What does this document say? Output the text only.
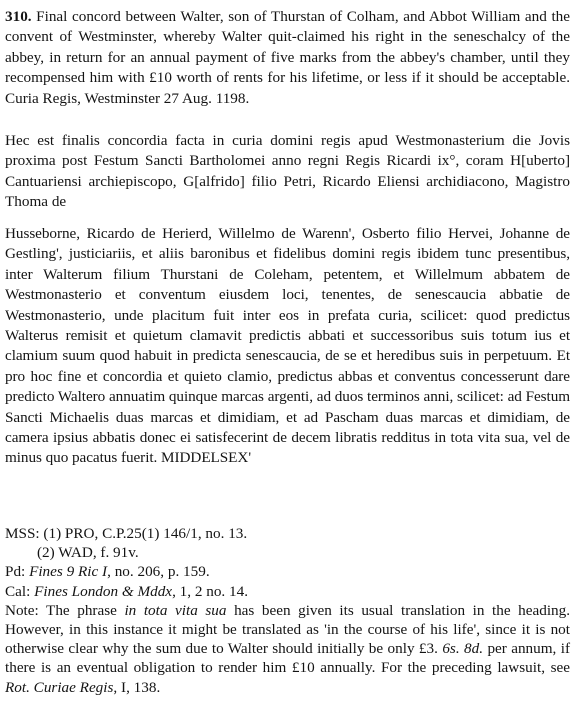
310. Final concord between Walter, son of Thurstan of Colham, and Abbot William and the convent of Westminster, whereby Walter quit-claimed his right in the seneschalcy of the abbey, in return for an annual payment of five marks from the abbey's chamber, until they recompensed him with £10 worth of rents for his lifetime, or less if it should be acceptable. Curia Regis, Westminster 27 Aug. 1198.

Hec est finalis concordia facta in curia domini regis apud Westmonasterium die Jovis proxima post Festum Sancti Bartholomei anno regni Regis Ricardi ix°, coram H[uberto] Cantuariensi archiepiscopo, G[alfrido] filio Petri, Ricardo Eliensi archidiacono, Magistro Thoma de

Husseborne, Ricardo de Herierd, Willelmo de Warenn', Osberto filio Hervei, Johanne de Gestling', justiciariis, et aliis baronibus et fidelibus domini regis ibidem tunc presentibus, inter Walterum filium Thurstani de Coleham, petentem, et Willelmum abbatem de Westmonasterio et conventum eiusdem loci, tenentes, de senescaucia abbatie de Westmonasterio, unde placitum fuit inter eos in prefata curia, scilicet: quod predictus Walterus remisit et quietum clamavit predictis abbati et successoribus suis totum ius et clamium suum quod habuit in predicta senescaucia, de se et heredibus suis in perpetuum. Et pro hoc fine et concordia et quieto clamio, predictus abbas et conventus concesserunt dare predicto Waltero annuatim quinque marcas argenti, ad duos terminos anni, scilicet: ad Festum Sancti Michaelis duas marcas et dimidiam, et ad Pascham duas marcas et dimidiam, de camera ipsius abbatis donec ei satisfecerint de decem libratis redditus in tota vita sua, vel de minus quo pacatus fuerit. MIDDELSEX'

MSS: (1) PRO, C.P.25(1) 146/1, no. 13.
(2) WAD, f. 91v.
Pd: Fines 9 Ric I, no. 206, p. 159.
Cal: Fines London & Mddx, 1, 2 no. 14.
Note: The phrase in tota vita sua has been given its usual translation in the heading. However, in this instance it might be translated as 'in the course of his life', since it is not otherwise clear why the sum due to Walter should initially be only £3. 6s. 8d. per annum, if there is an eventual obligation to render him £10 annually. For the preceding lawsuit, see Rot. Curiae Regis, I, 138.
